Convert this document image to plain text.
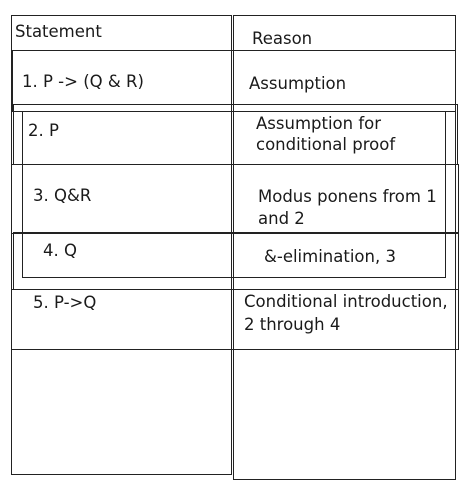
Statement	Reason
1. P -> (Q & R)	Assumption
2. P	Assumption for
conditional proof
3. Q&R	Modus ponens from 1
and 2
4. Q	&-elimination, 3
5. P->Q	Conditional introduction,
2 through 4
